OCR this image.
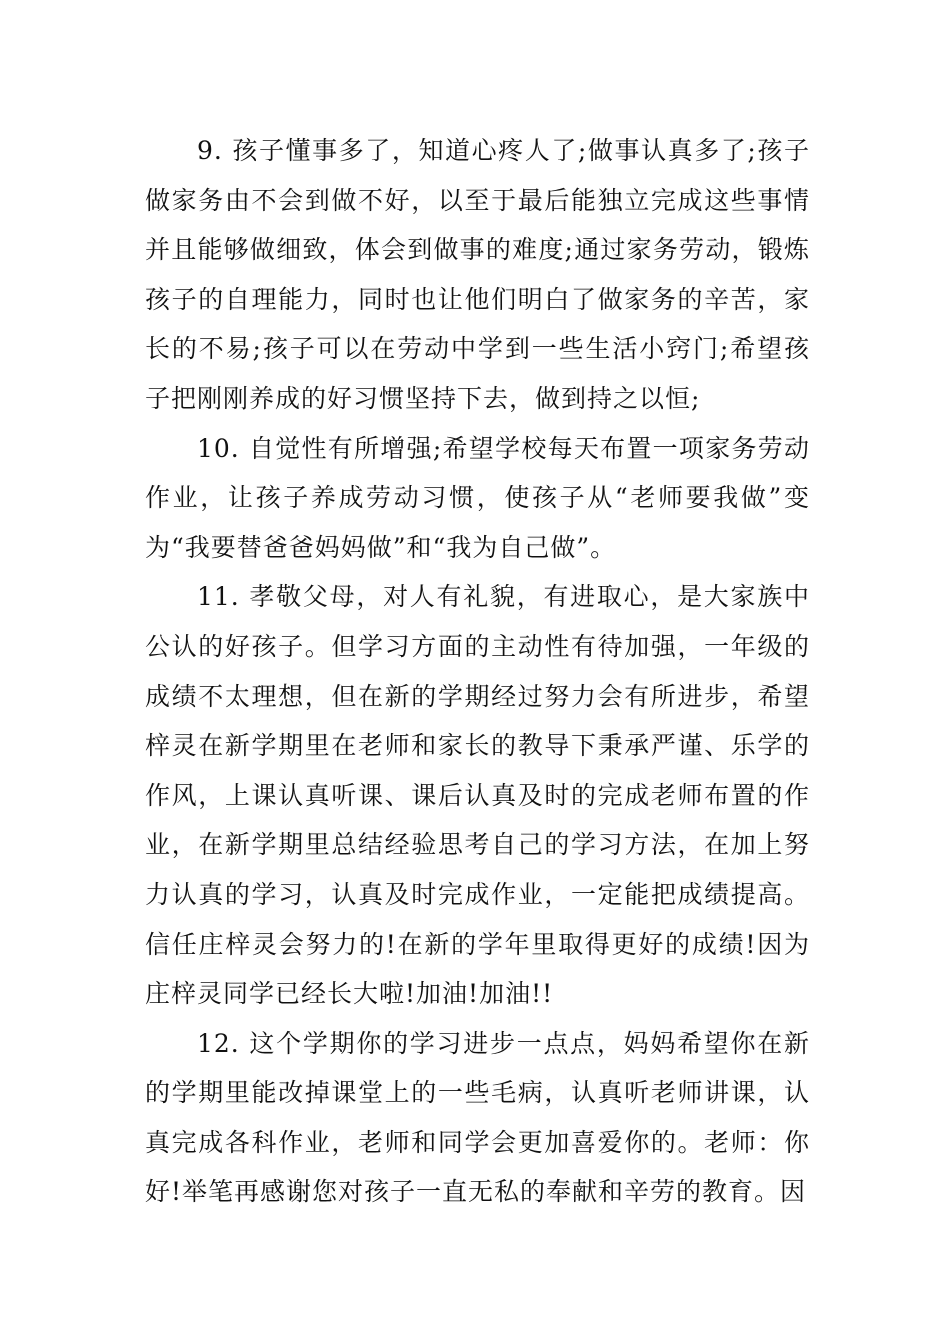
9. 孩子懂事多了，知道心疼人了;做事认真多了;孩子做家务由不会到做不好，以至于最后能独立完成这些事情并且能够做细致，体会到做事的难度;通过家务劳动，锻炼孩子的自理能力，同时也让他们明白了做家务的辛苦，家长的不易;孩子可以在劳动中学到一些生活小窍门;希望孩子把刚刚养成的好习惯坚持下去，做到持之以恒;

10. 自觉性有所增强;希望学校每天布置一项家务劳动作业，让孩子养成劳动习惯，使孩子从“老师要我做”变为“我要替爸爸妈妈做”和“我为自己做”。

11. 孝敬父母，对人有礼貌，有进取心，是大家族中公认的好孩子。但学习方面的主动性有待加强，一年级的成绩不太理想，但在新的学期经过努力会有所进步，希望梓灵在新学期里在老师和家长的教导下秉承严谨、乐学的作风，上课认真听课、课后认真及时的完成老师布置的作业，在新学期里总结经验思考自己的学习方法，在加上努力认真的学习，认真及时完成作业，一定能把成绩提高。信任庄梓灵会努力的!在新的学年里取得更好的成绩!因为庄梓灵同学已经长大啦!加油!加油!!

12. 这个学期你的学习进步一点点，妈妈希望你在新的学期里能改掉课堂上的一些毛病，认真听老师讲课，认真完成各科作业，老师和同学会更加喜爱你的。老师：你好!举笔再感谢您对孩子一直无私的奉献和辛劳的教育。因
